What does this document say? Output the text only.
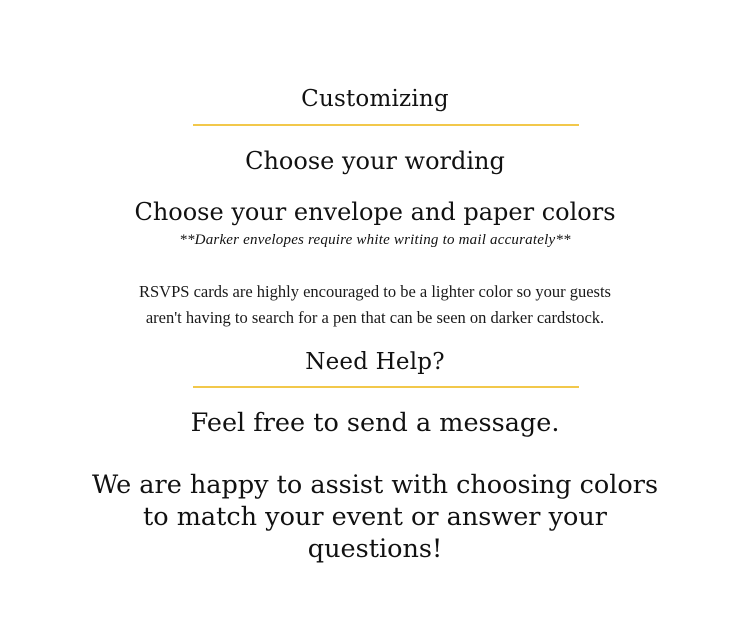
Customizing
Choose your wording
Choose your envelope and paper colors

**Darker envelopes require white writing to mail accurately**

RSVPS cards are highly encouraged to be a lighter color so your guests
aren't having to search for a pen that can be seen on darker cardstock.
Need Help?

Feel free to send a message.

We are happy to assist with choosing colors
to match your event or answer your
questions!
